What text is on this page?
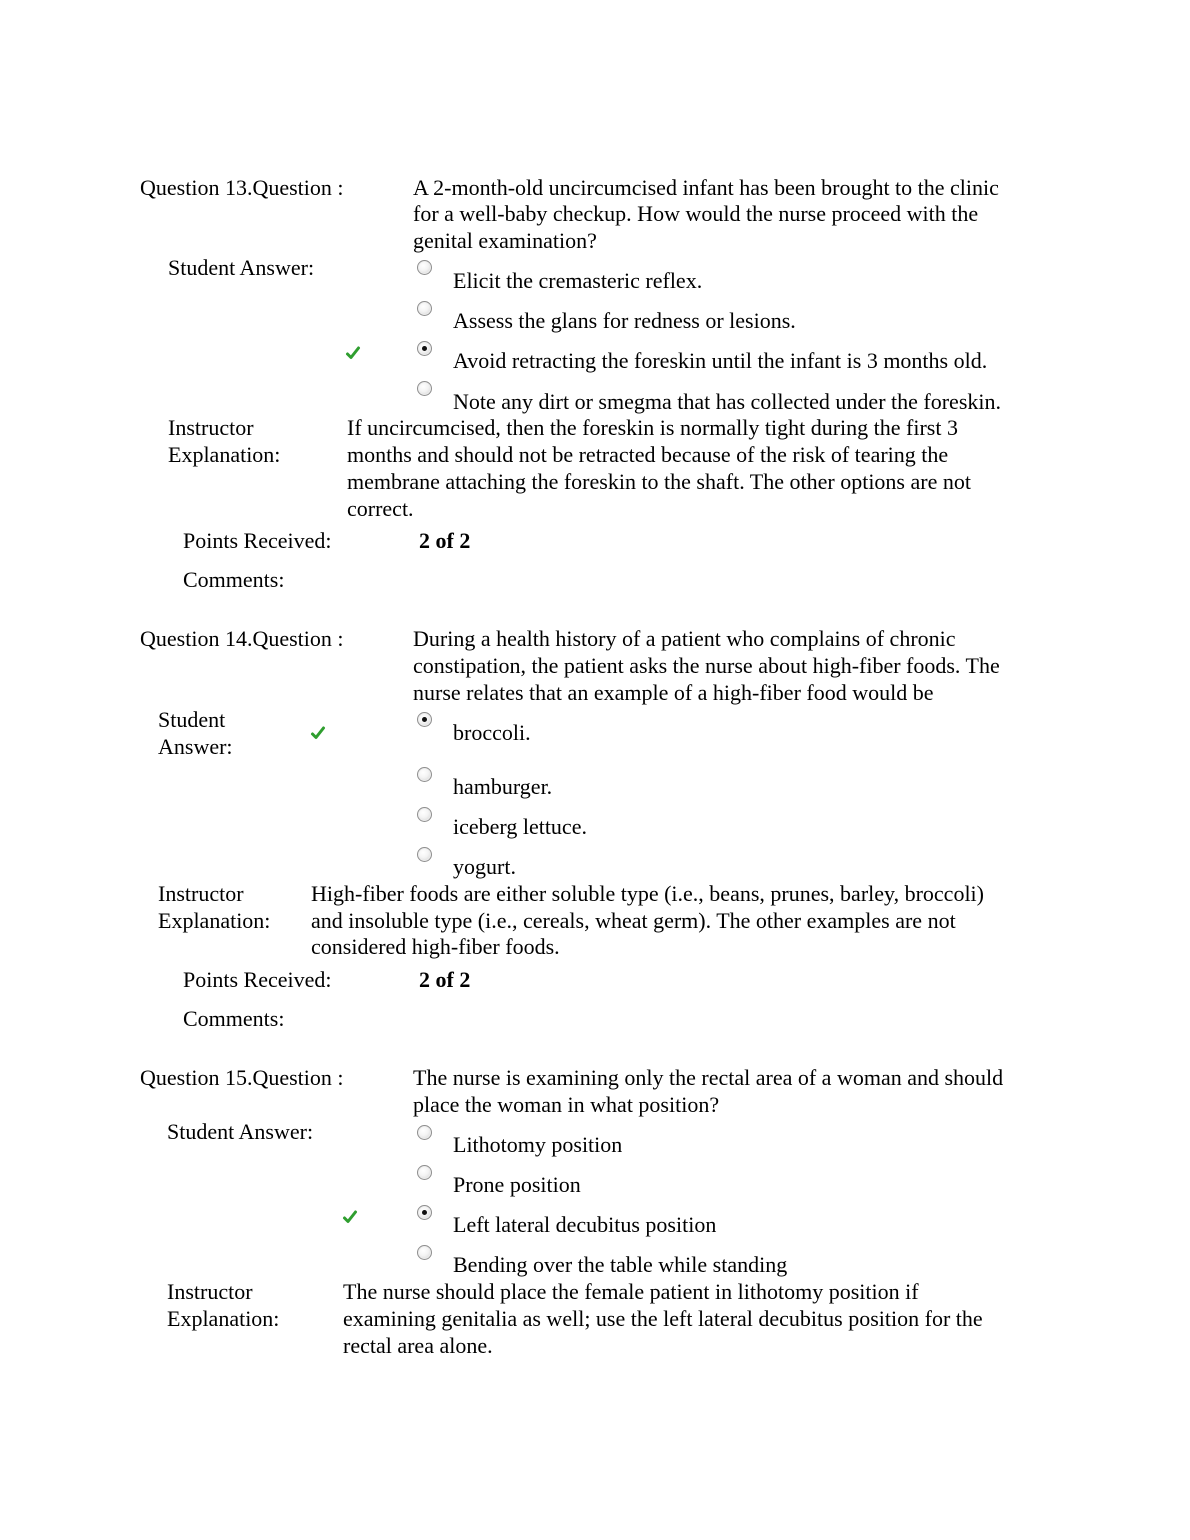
Question 13.Question :	A 2-month-old uncircumcised infant has been brought to the clinic
for a well-baby checkup. How would the nurse proceed with the
genital examination?
Student Answer:
Elicit the cremasteric reflex.
Assess the glans for redness or lesions.
Avoid retracting the foreskin until the infant is 3 months old.
Note any dirt or smegma that has collected under the foreskin.
Instructor
Explanation:
If uncircumcised, then the foreskin is normally tight during the first 3
months and should not be retracted because of the risk of tearing the
membrane attaching the foreskin to the shaft. The other options are not
correct.
Points Received:	2 of 2
Comments:
Question 14.Question :	During a health history of a patient who complains of chronic
constipation, the patient asks the nurse about high-fiber foods. The
nurse relates that an example of a high-fiber food would be
Student
Answer:
broccoli.
hamburger.
iceberg lettuce.
yogurt.
Instructor
Explanation:
High-fiber foods are either soluble type (i.e., beans, prunes, barley, broccoli)
and insoluble type (i.e., cereals, wheat germ). The other examples are not
considered high-fiber foods.
Points Received:	2 of 2
Comments:
Question 15.Question :	The nurse is examining only the rectal area of a woman and should
place the woman in what position?
Student Answer:
Lithotomy position
Prone position
Left lateral decubitus position
Bending over the table while standing
Instructor
Explanation:
The nurse should place the female patient in lithotomy position if
examining genitalia as well; use the left lateral decubitus position for the
rectal area alone.
